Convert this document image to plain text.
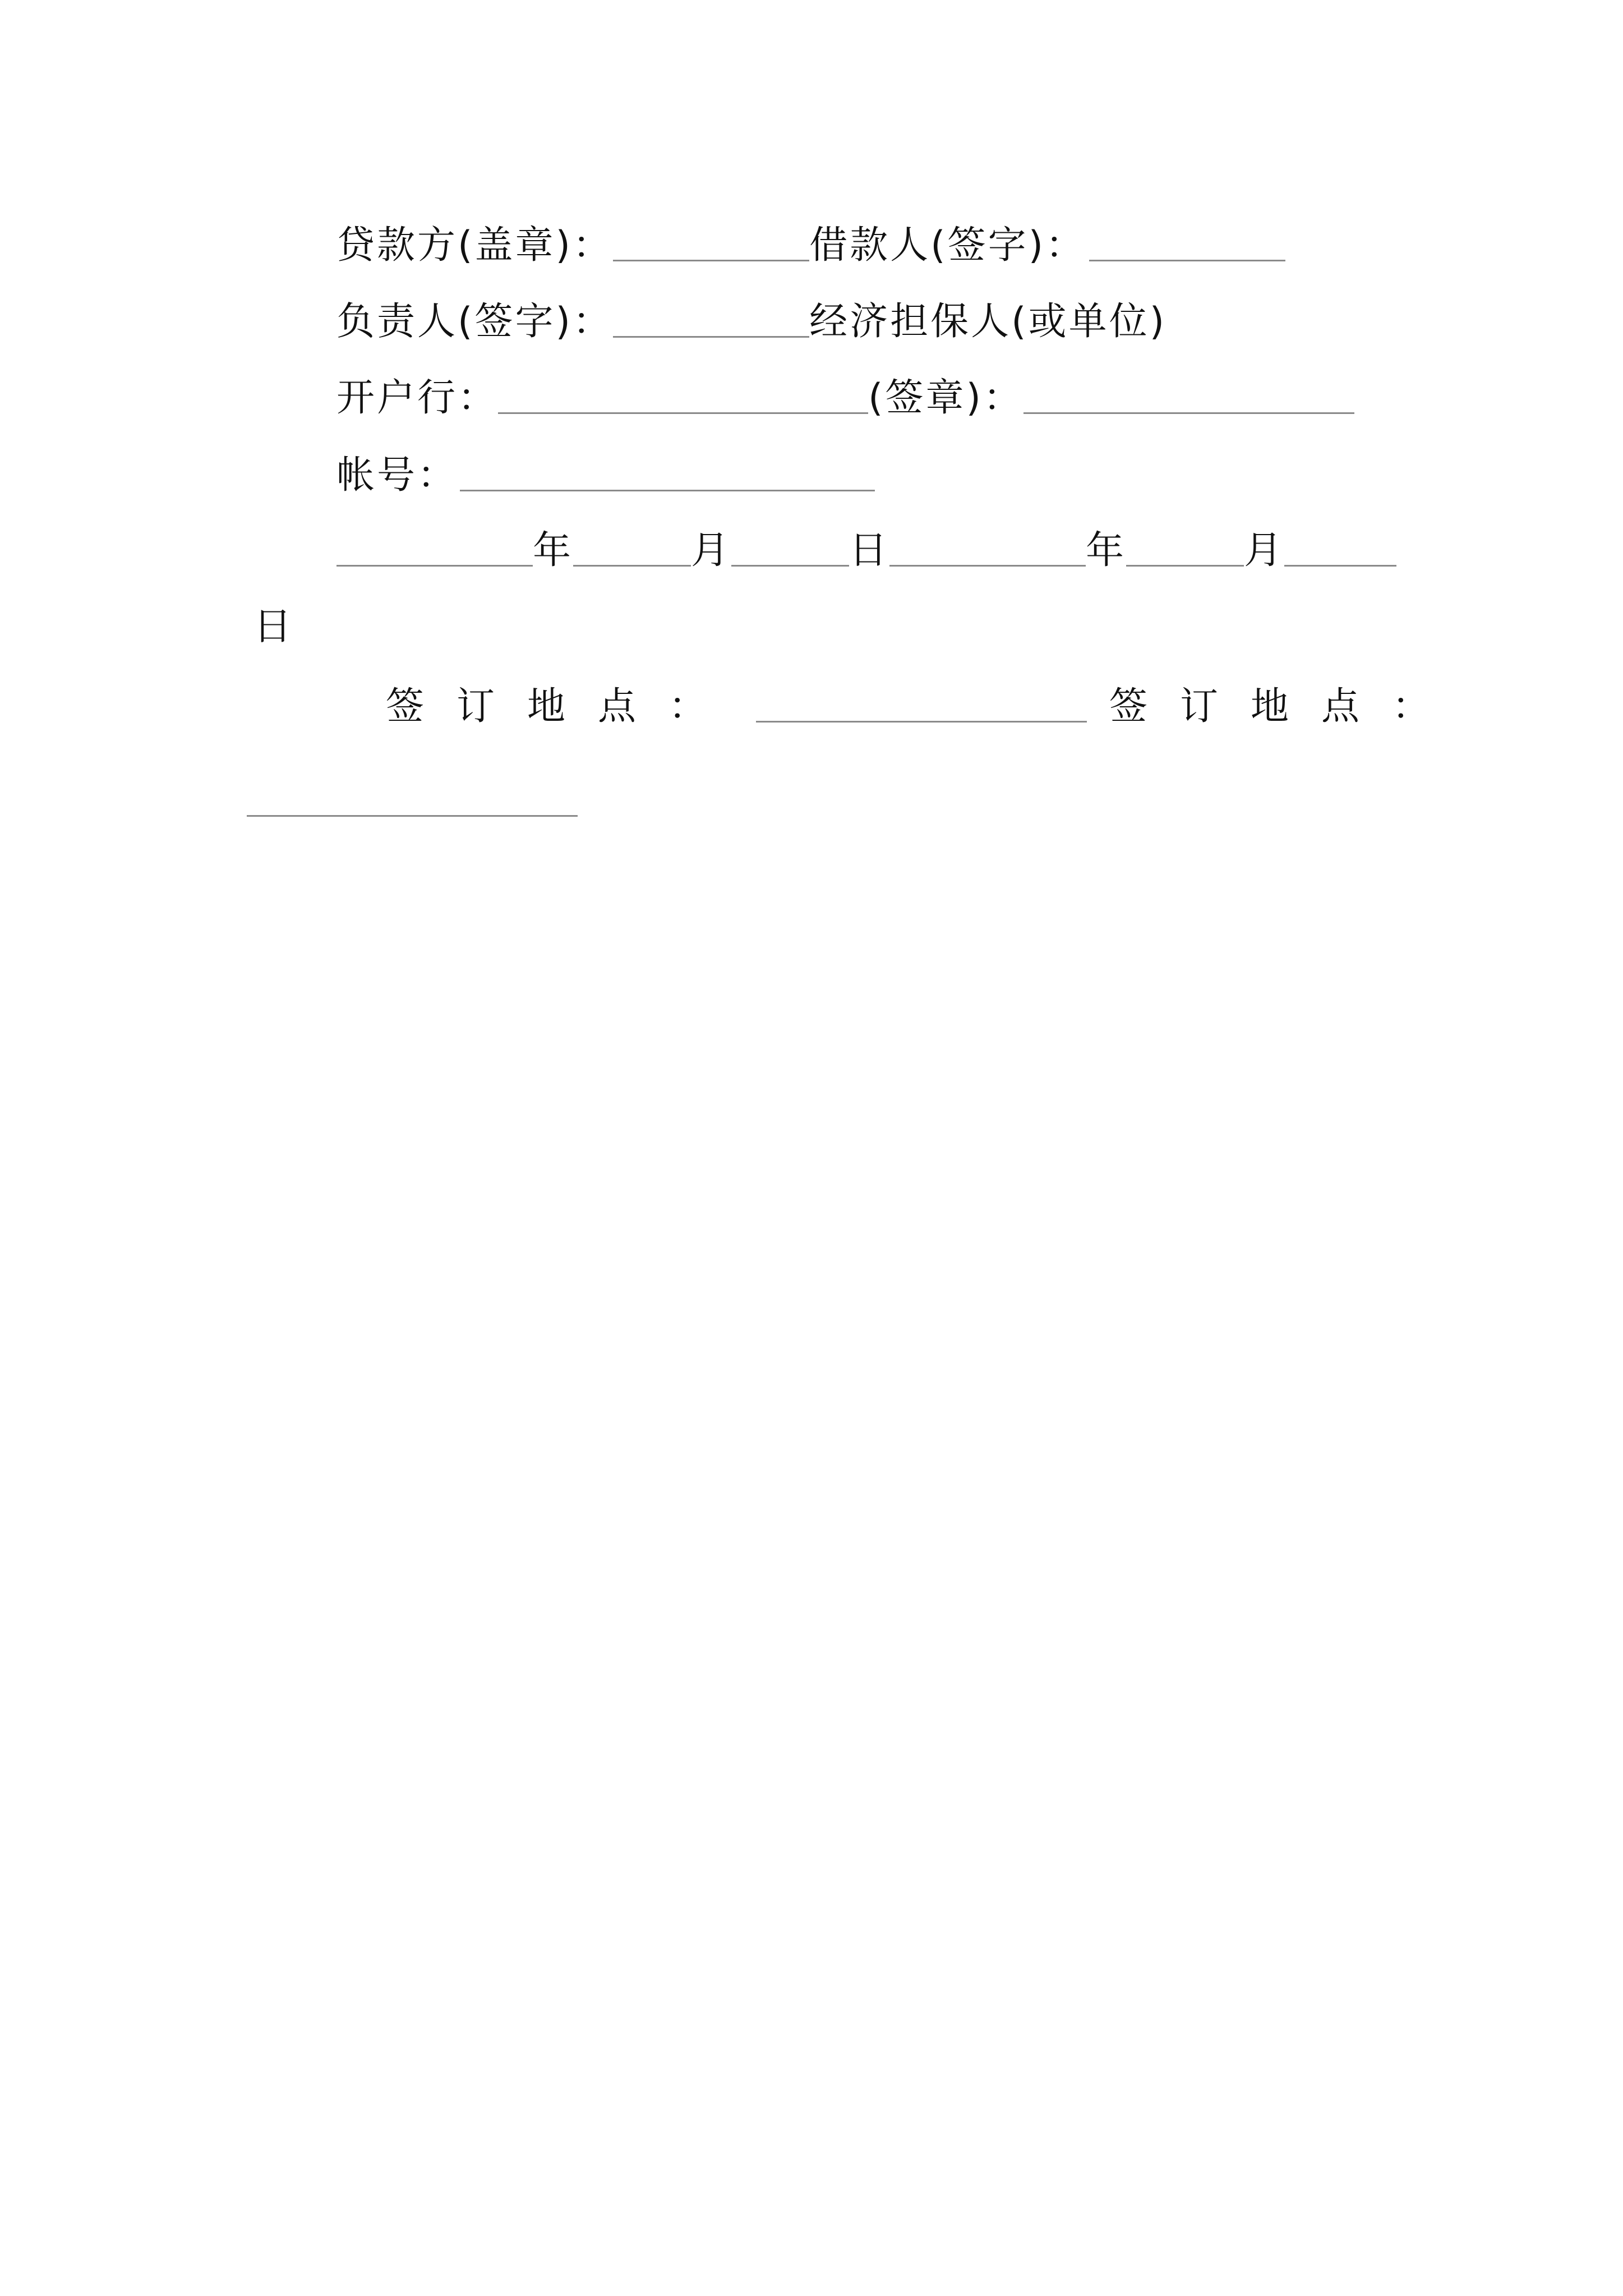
贷款方(盖章)：	借款人(签字)：
负责人(签字)：	经济担保人(或单位)
开户行：	(签章)：
帐号：
年	月	日	年	月
日
签订地点：	签订地点：
